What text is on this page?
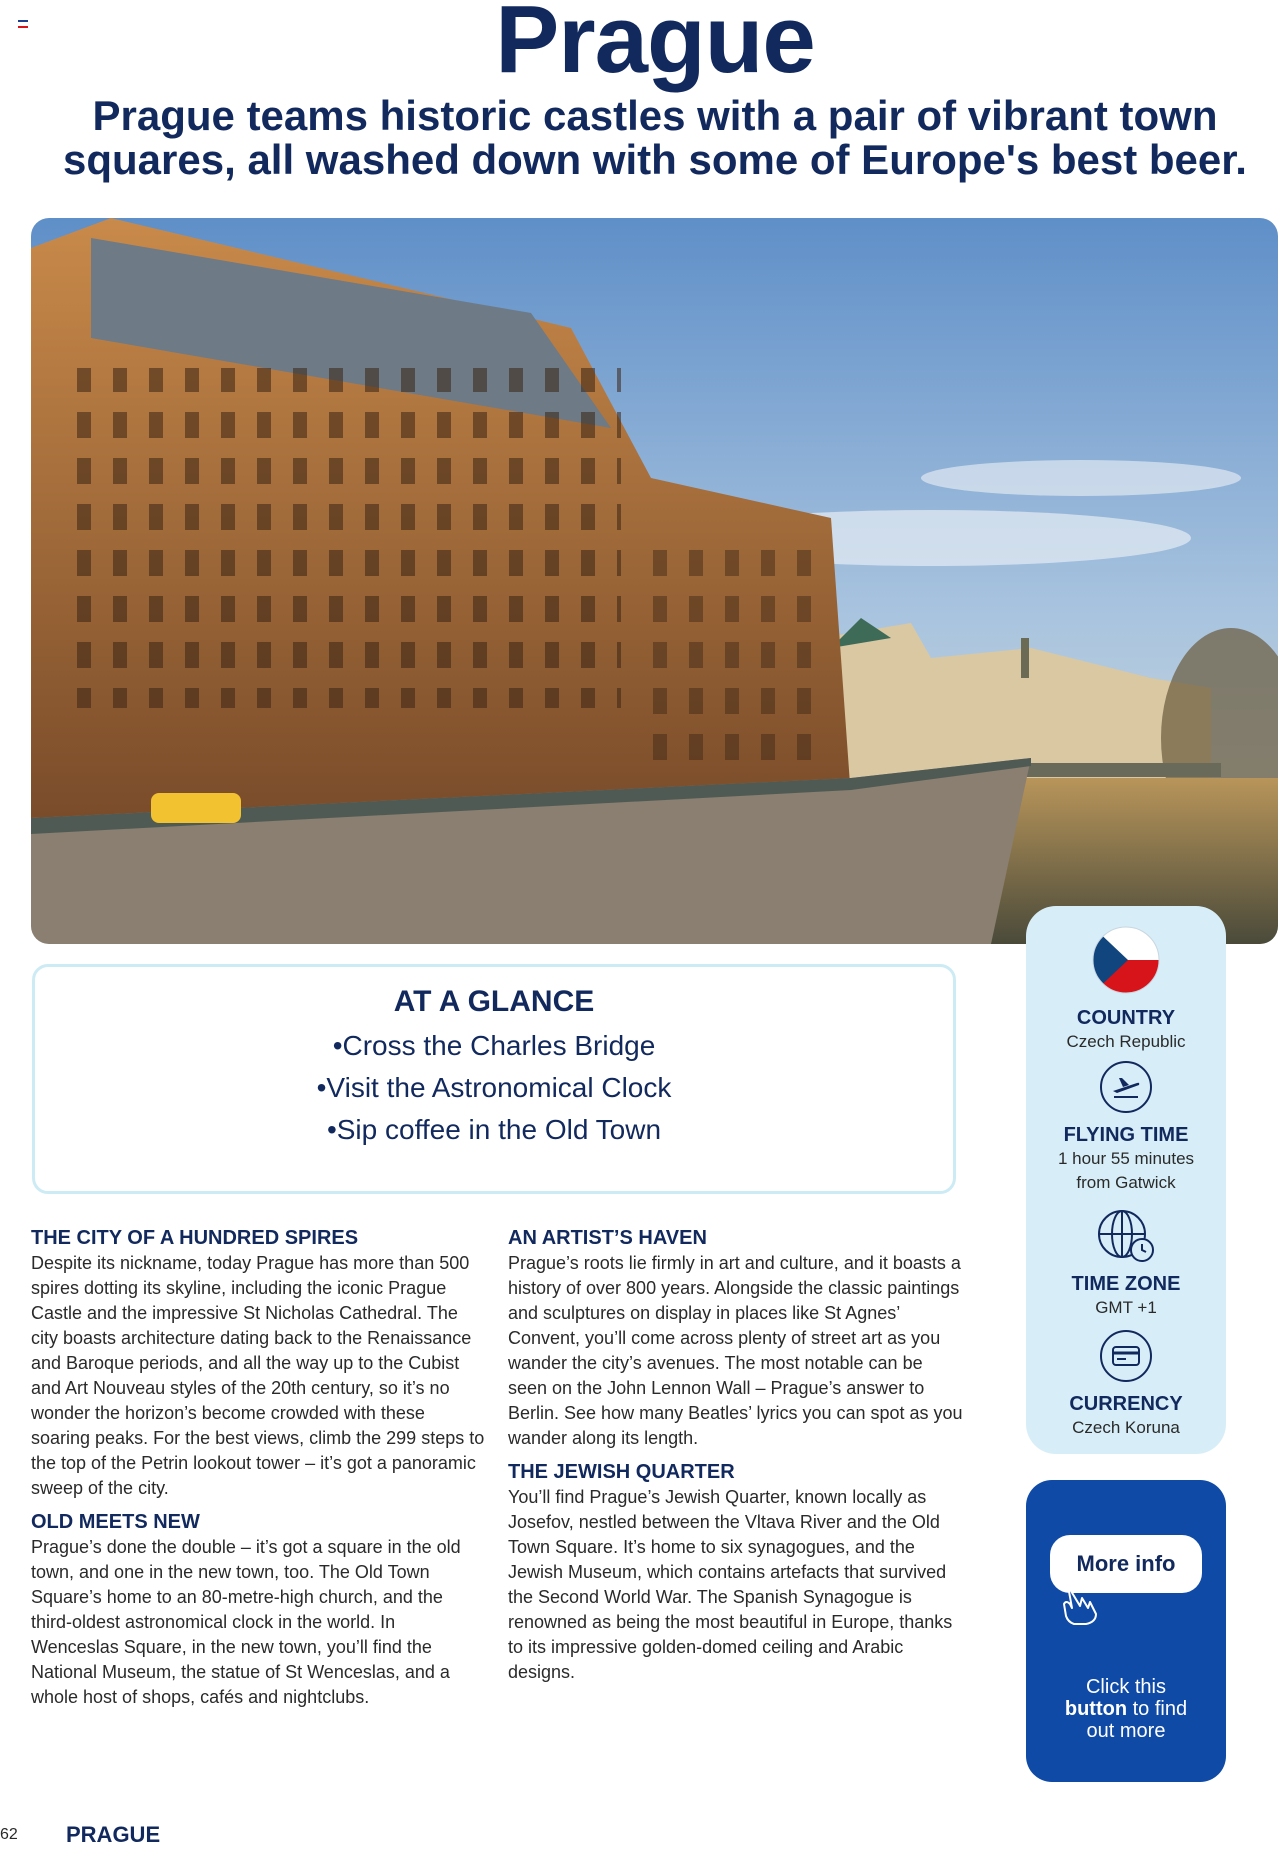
Prague
Prague teams historic castles with a pair of vibrant town squares, all washed down with some of Europe's best beer.
AT A GLANCE
• Cross the Charles Bridge
• Visit the Astronomical Clock
• Sip coffee in the Old Town
THE CITY OF A HUNDRED SPIRES

Despite its nickname, today Prague has more than 500 spires dotting its skyline, including the iconic Prague Castle and the impressive St Nicholas Cathedral. The city boasts architecture dating back to the Renaissance and Baroque periods, and all the way up to the Cubist and Art Nouveau styles of the 20th century, so it’s no wonder the horizon’s become crowded with these soaring peaks. For the best views, climb the 299 steps to the top of the Petrin lookout tower – it’s got a panoramic sweep of the city.

OLD MEETS NEW

Prague’s done the double – it’s got a square in the old town, and one in the new town, too. The Old Town Square’s home to an 80-metre-high church, and the third-oldest astronomical clock in the world. In Wenceslas Square, in the new town, you’ll find the National Museum, the statue of St Wenceslas, and a whole host of shops, cafés and nightclubs.

AN ARTIST’S HAVEN

Prague’s roots lie firmly in art and culture, and it boasts a history of over 800 years. Alongside the classic paintings and sculptures on display in places like St Agnes’ Convent, you’ll come across plenty of street art as you wander the city’s avenues. The most notable can be seen on the John Lennon Wall – Prague’s answer to Berlin. See how many Beatles’ lyrics you can spot as you wander along its length.

THE JEWISH QUARTER

You’ll find Prague’s Jewish Quarter, known locally as Josefov, nestled between the Vltava River and the Old Town Square. It’s home to six synagogues, and the Jewish Museum, which contains artefacts that survived the Second World War. The Spanish Synagogue is renowned as being the most beautiful in Europe, thanks to its impressive golden-domed ceiling and Arabic designs.

COUNTRY
Czech Republic
FLYING TIME
1 hour 55 minutes
from Gatwick
TIME ZONE
GMT +1
CURRENCY
Czech Koruna
More info
Click this
button to find
out more
62 PRAGUE
